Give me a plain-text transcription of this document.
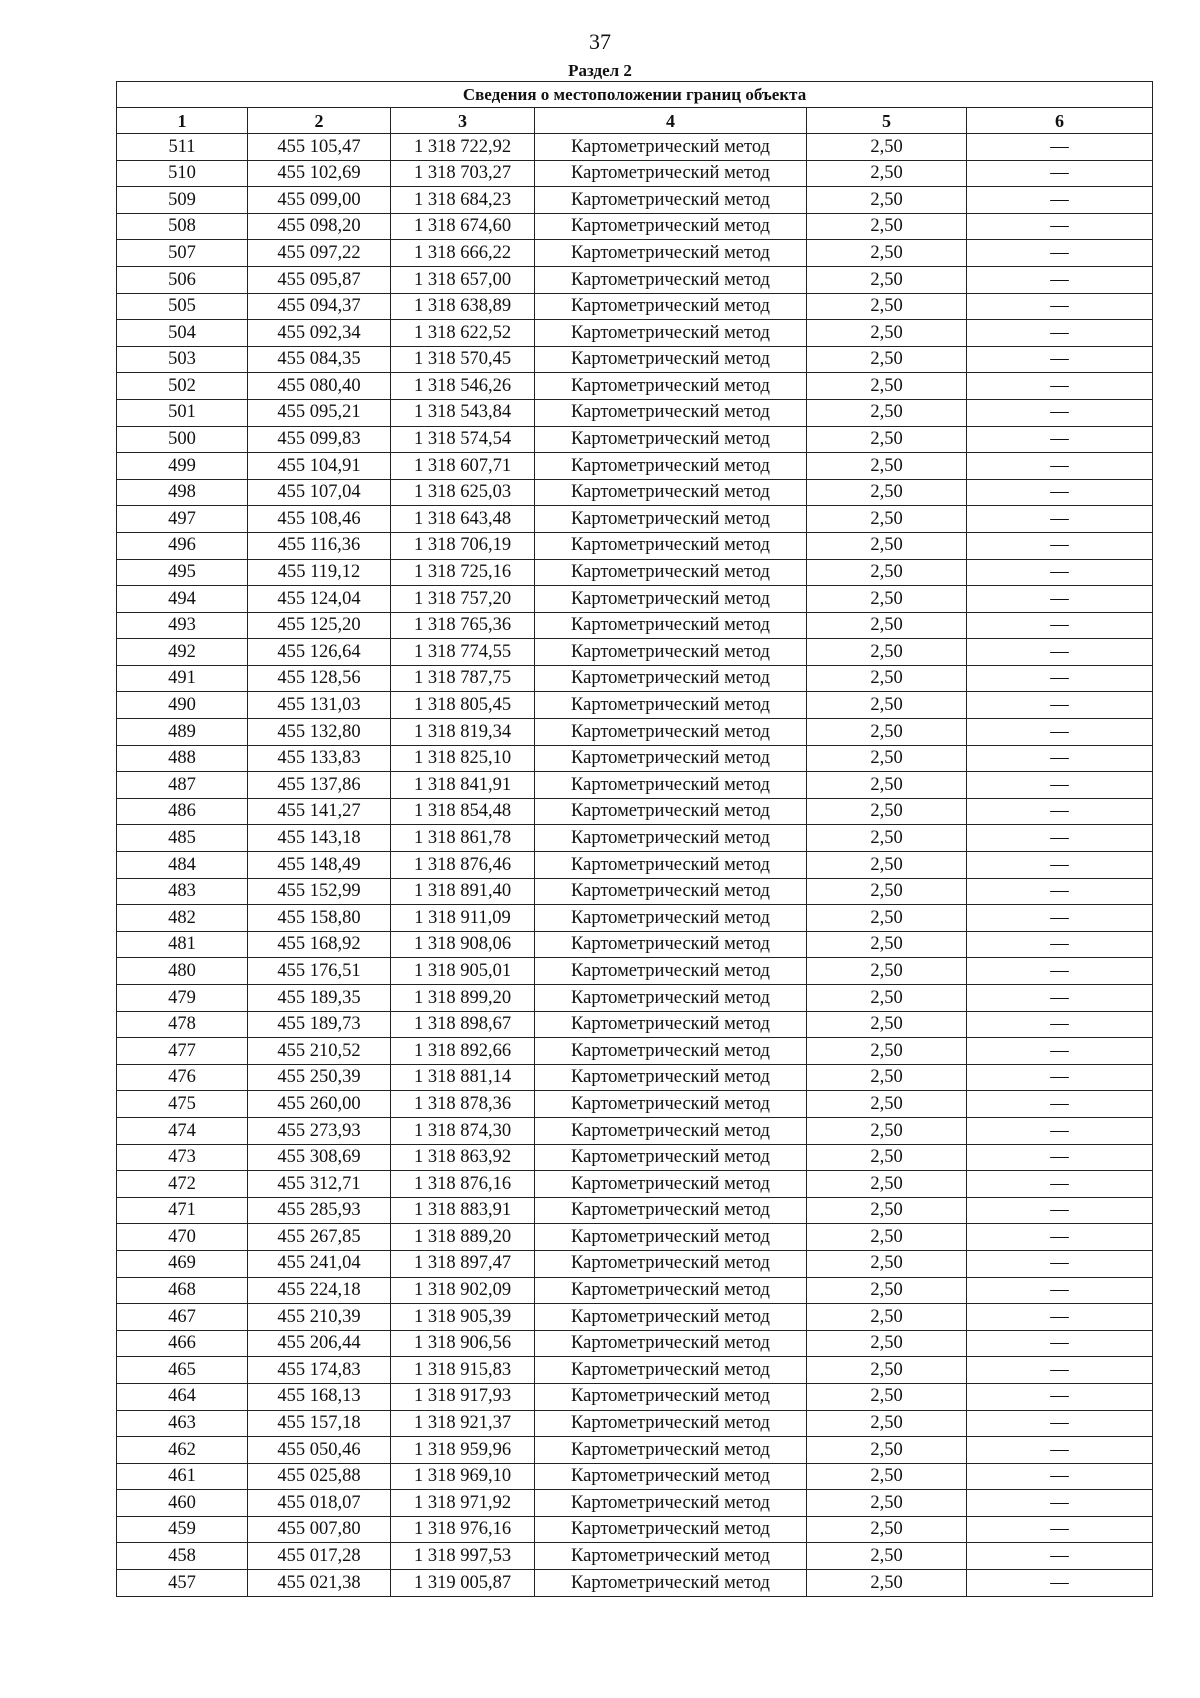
37
Раздел 2
Сведения о местоположении границ объекта					
1	2	3	4	5	6
511	455 105,47	1 318 722,92	Картометрический метод	2,50	—
510	455 102,69	1 318 703,27	Картометрический метод	2,50	—
509	455 099,00	1 318 684,23	Картометрический метод	2,50	—
508	455 098,20	1 318 674,60	Картометрический метод	2,50	—
507	455 097,22	1 318 666,22	Картометрический метод	2,50	—
506	455 095,87	1 318 657,00	Картометрический метод	2,50	—
505	455 094,37	1 318 638,89	Картометрический метод	2,50	—
504	455 092,34	1 318 622,52	Картометрический метод	2,50	—
503	455 084,35	1 318 570,45	Картометрический метод	2,50	—
502	455 080,40	1 318 546,26	Картометрический метод	2,50	—
501	455 095,21	1 318 543,84	Картометрический метод	2,50	—
500	455 099,83	1 318 574,54	Картометрический метод	2,50	—
499	455 104,91	1 318 607,71	Картометрический метод	2,50	—
498	455 107,04	1 318 625,03	Картометрический метод	2,50	—
497	455 108,46	1 318 643,48	Картометрический метод	2,50	—
496	455 116,36	1 318 706,19	Картометрический метод	2,50	—
495	455 119,12	1 318 725,16	Картометрический метод	2,50	—
494	455 124,04	1 318 757,20	Картометрический метод	2,50	—
493	455 125,20	1 318 765,36	Картометрический метод	2,50	—
492	455 126,64	1 318 774,55	Картометрический метод	2,50	—
491	455 128,56	1 318 787,75	Картометрический метод	2,50	—
490	455 131,03	1 318 805,45	Картометрический метод	2,50	—
489	455 132,80	1 318 819,34	Картометрический метод	2,50	—
488	455 133,83	1 318 825,10	Картометрический метод	2,50	—
487	455 137,86	1 318 841,91	Картометрический метод	2,50	—
486	455 141,27	1 318 854,48	Картометрический метод	2,50	—
485	455 143,18	1 318 861,78	Картометрический метод	2,50	—
484	455 148,49	1 318 876,46	Картометрический метод	2,50	—
483	455 152,99	1 318 891,40	Картометрический метод	2,50	—
482	455 158,80	1 318 911,09	Картометрический метод	2,50	—
481	455 168,92	1 318 908,06	Картометрический метод	2,50	—
480	455 176,51	1 318 905,01	Картометрический метод	2,50	—
479	455 189,35	1 318 899,20	Картометрический метод	2,50	—
478	455 189,73	1 318 898,67	Картометрический метод	2,50	—
477	455 210,52	1 318 892,66	Картометрический метод	2,50	—
476	455 250,39	1 318 881,14	Картометрический метод	2,50	—
475	455 260,00	1 318 878,36	Картометрический метод	2,50	—
474	455 273,93	1 318 874,30	Картометрический метод	2,50	—
473	455 308,69	1 318 863,92	Картометрический метод	2,50	—
472	455 312,71	1 318 876,16	Картометрический метод	2,50	—
471	455 285,93	1 318 883,91	Картометрический метод	2,50	—
470	455 267,85	1 318 889,20	Картометрический метод	2,50	—
469	455 241,04	1 318 897,47	Картометрический метод	2,50	—
468	455 224,18	1 318 902,09	Картометрический метод	2,50	—
467	455 210,39	1 318 905,39	Картометрический метод	2,50	—
466	455 206,44	1 318 906,56	Картометрический метод	2,50	—
465	455 174,83	1 318 915,83	Картометрический метод	2,50	—
464	455 168,13	1 318 917,93	Картометрический метод	2,50	—
463	455 157,18	1 318 921,37	Картометрический метод	2,50	—
462	455 050,46	1 318 959,96	Картометрический метод	2,50	—
461	455 025,88	1 318 969,10	Картометрический метод	2,50	—
460	455 018,07	1 318 971,92	Картометрический метод	2,50	—
459	455 007,80	1 318 976,16	Картометрический метод	2,50	—
458	455 017,28	1 318 997,53	Картометрический метод	2,50	—
457	455 021,38	1 319 005,87	Картометрический метод	2,50	—
